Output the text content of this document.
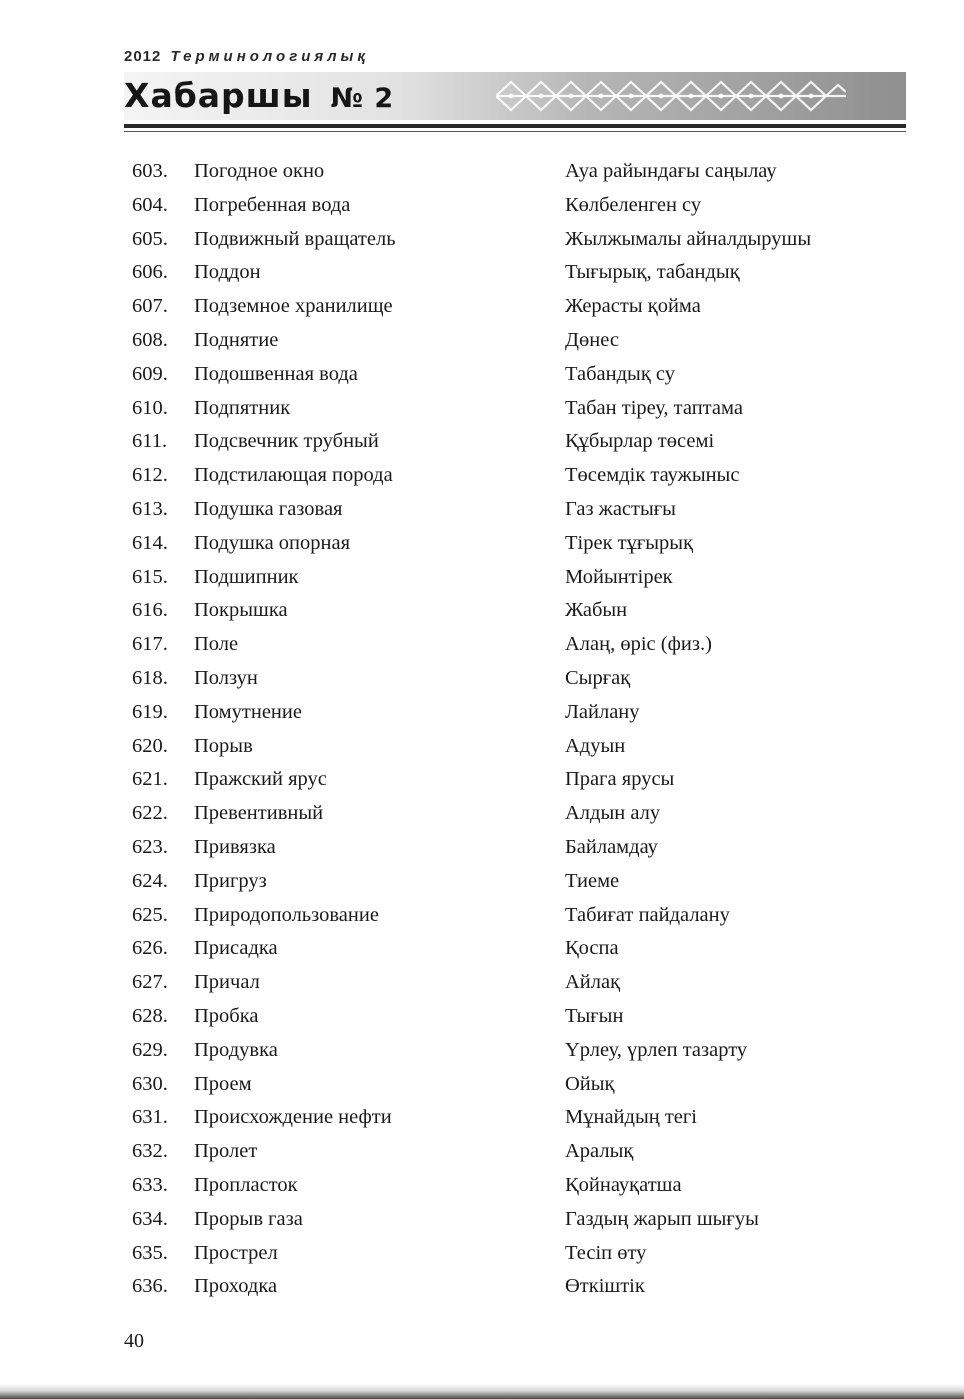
2012 Терминологиялық
Хабаршы № 2
603. Погодное окно	Ауа райындағы саңылау
604. Погребенная вода	Көлбеленген су
605. Подвижный вращатель	Жылжымалы айналдырушы
606. Поддон	Тығырық, табандық
607. Подземное хранилище	Жерасты қойма
608. Поднятие	Дөнес
609. Подошвенная вода	Табандық су
610. Подпятник	Табан тіреу, таптама
611. Подсвечник трубный	Құбырлар төсемі
612. Подстилающая порода	Төсемдік таужыныс
613. Подушка газовая	Газ жастығы
614. Подушка опорная	Тірек тұғырық
615. Подшипник	Мойынтірек
616. Покрышка	Жабын
617. Поле	Алаң, өріс (физ.)
618. Ползун	Сырғақ
619. Помутнение	Лайлану
620. Порыв	Адуын
621. Пражский ярус	Прага ярусы
622. Превентивный	Алдын алу
623. Привязка	Байламдау
624. Пригруз	Тиеме
625. Природопользование	Табиғат пайдалану
626. Присадка	Қоспа
627. Причал	Айлақ
628. Пробка	Тығын
629. Продувка	Үрлеу, үрлеп тазарту
630. Проем	Ойық
631. Происхождение нефти	Мұнайдың тегі
632. Пролет	Аралық
633. Пропласток	Қойнауқатша
634. Прорыв газа	Газдың жарып шығуы
635. Прострел	Тесіп өту
636. Проходка	Өткіштік
40
